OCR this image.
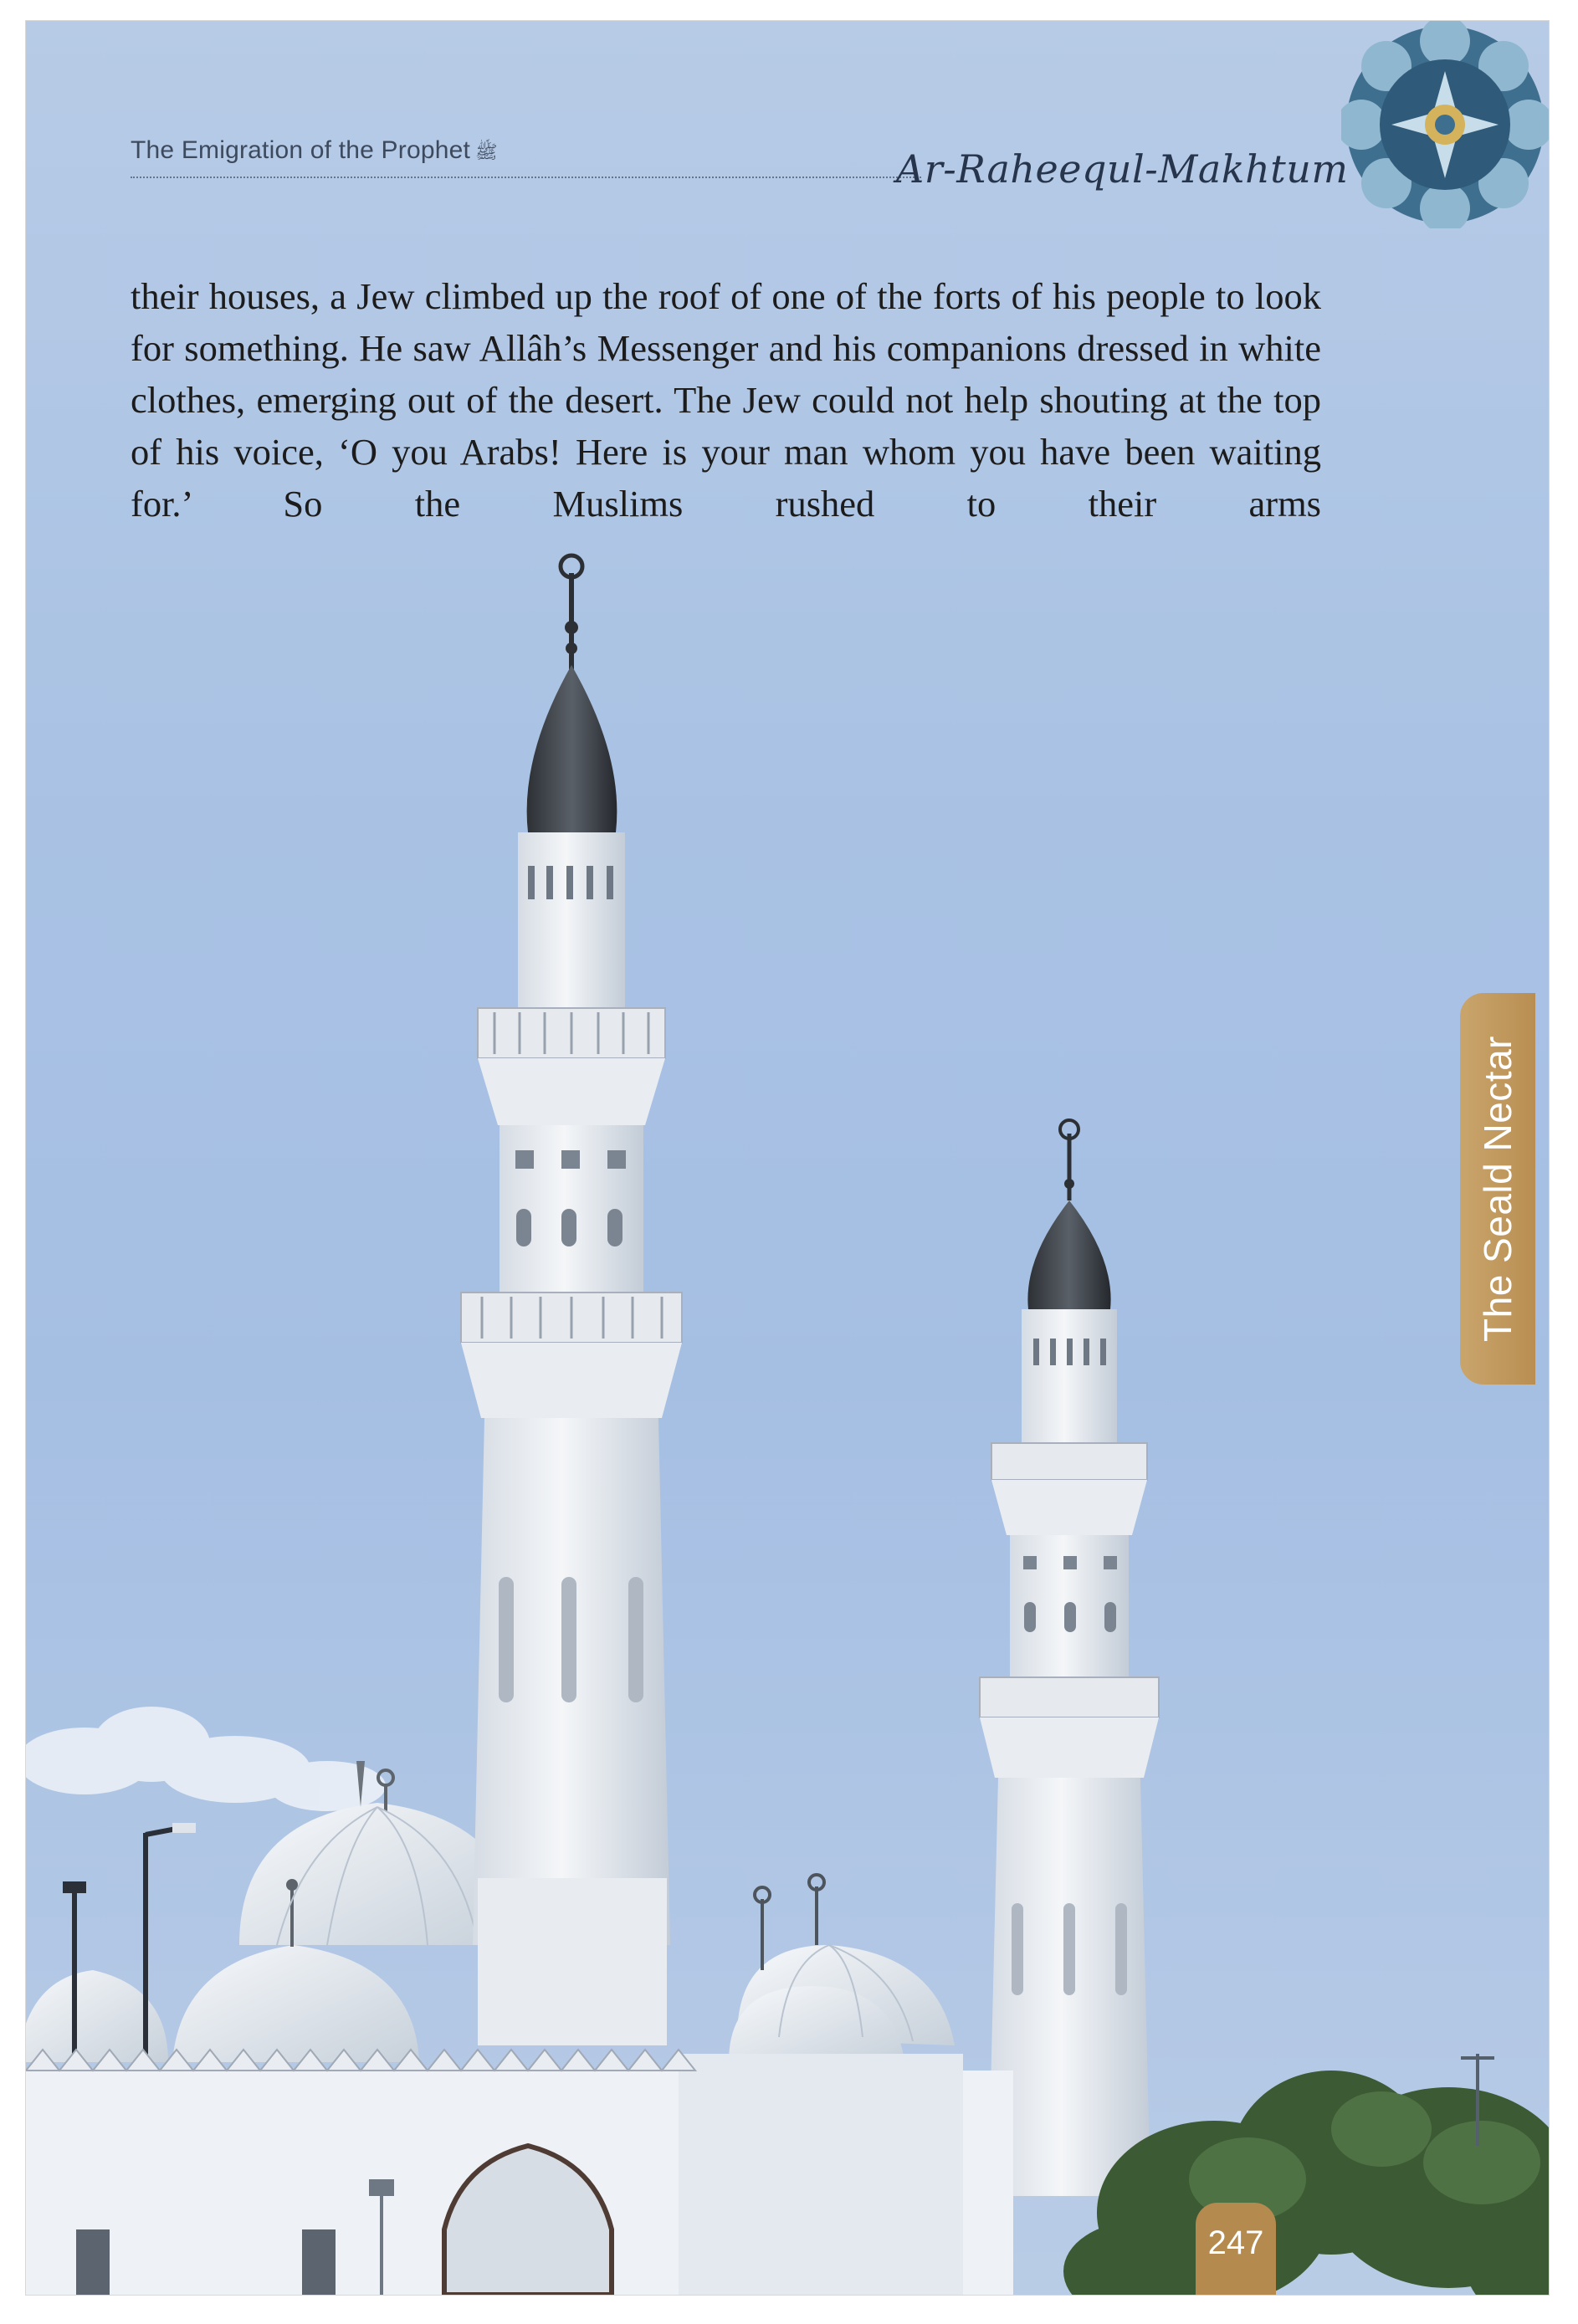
The Emigration of the Prophet ﷺ	Ar-Raheequl-Makhtum

their houses, a Jew climbed up the roof of one of the forts of his people to look for something. He saw Allâh’s Messenger and his companions dressed in white clothes, emerging out of the desert. The Jew could not help shouting at the top of his voice, ‘O you Arabs! Here is your man whom you have been waiting for.’ So the Muslims rushed to their arms

The Seald Nectar
247
